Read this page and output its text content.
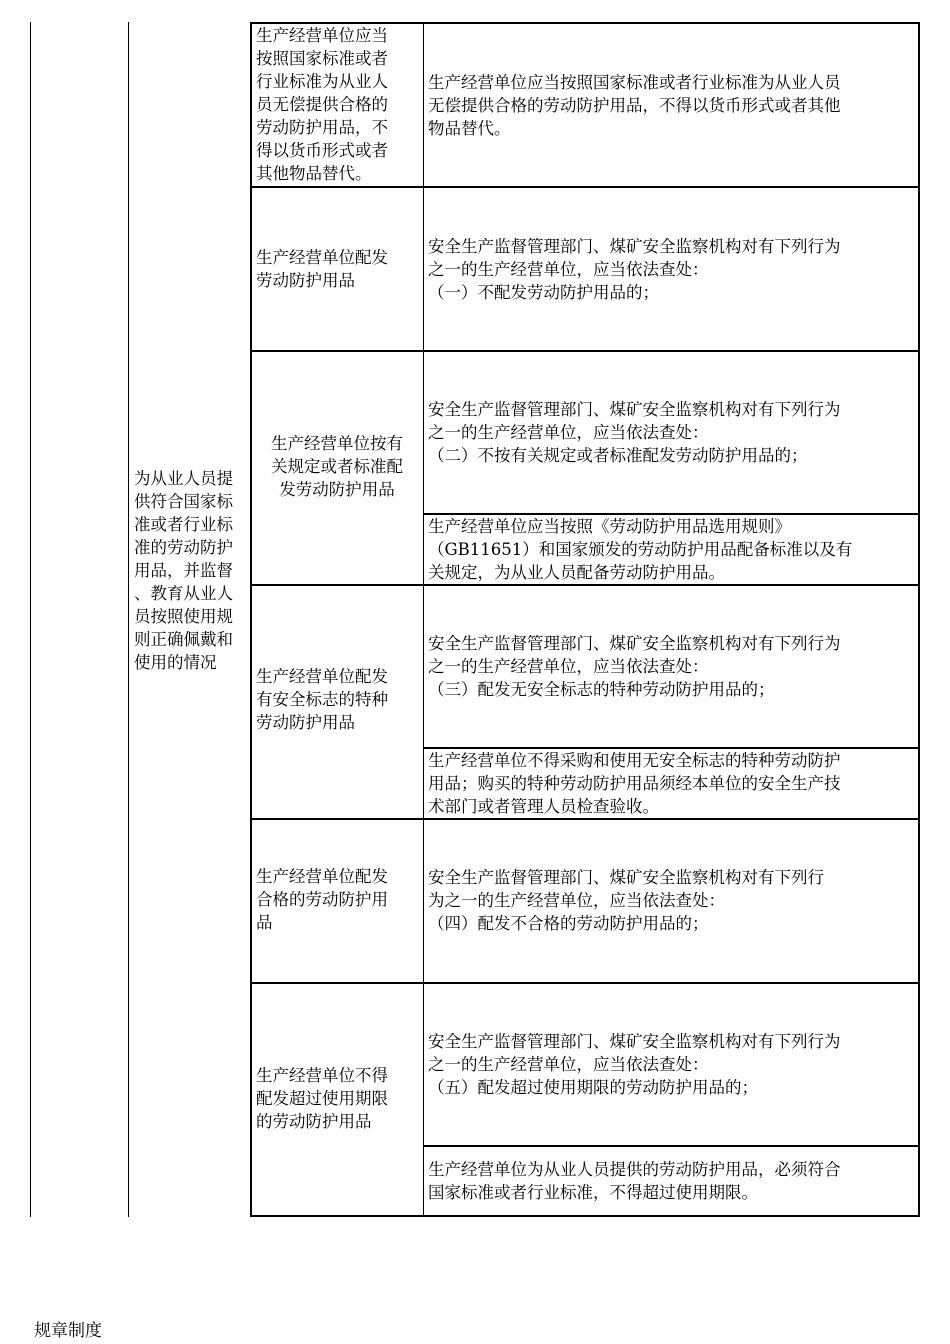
为从业人员提
供符合国家标
准或者行业标
准的劳动防护
用品，并监督
、教育从业人
员按照使用规
则正确佩戴和
使用的情况
生产经营单位应当
按照国家标准或者
行业标准为从业人
员无偿提供合格的
劳动防护用品，不
得以货币形式或者
其他物品替代。
生产经营单位应当按照国家标准或者行业标准为从业人员
无偿提供合格的劳动防护用品，不得以货币形式或者其他
物品替代。
生产经营单位配发
劳动防护用品
安全生产监督管理部门、煤矿安全监察机构对有下列行为
之一的生产经营单位，应当依法查处：
（一）不配发劳动防护用品的；
生产经营单位按有
关规定或者标准配
发劳动防护用品
安全生产监督管理部门、煤矿安全监察机构对有下列行为
之一的生产经营单位，应当依法查处：
（二）不按有关规定或者标准配发劳动防护用品的；
生产经营单位应当按照《劳动防护用品选用规则》
（GB11651）和国家颁发的劳动防护用品配备标准以及有
关规定，为从业人员配备劳动防护用品。
生产经营单位配发
有安全标志的特种
劳动防护用品
安全生产监督管理部门、煤矿安全监察机构对有下列行为
之一的生产经营单位，应当依法查处：
（三）配发无安全标志的特种劳动防护用品的；
生产经营单位不得采购和使用无安全标志的特种劳动防护
用品；购买的特种劳动防护用品须经本单位的安全生产技
术部门或者管理人员检查验收。
生产经营单位配发
合格的劳动防护用
品
安全生产监督管理部门、煤矿安全监察机构对有下列行
为之一的生产经营单位，应当依法查处：
（四）配发不合格的劳动防护用品的；
生产经营单位不得
配发超过使用期限
的劳动防护用品
安全生产监督管理部门、煤矿安全监察机构对有下列行为
之一的生产经营单位，应当依法查处：
（五）配发超过使用期限的劳动防护用品的；
生产经营单位为从业人员提供的劳动防护用品，必须符合
国家标准或者行业标准，不得超过使用期限。
规章制度
